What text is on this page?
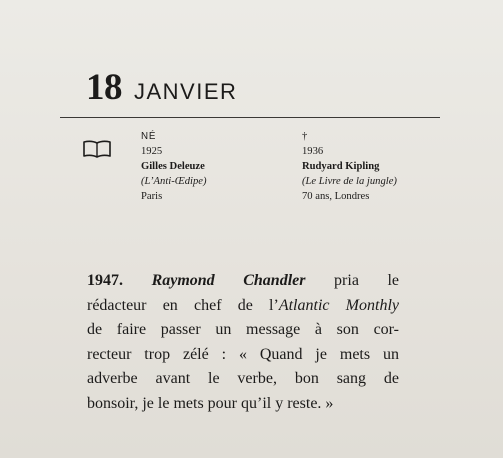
18 JANVIER
NÉ
1925
Gilles Deleuze
(L’Anti-Œdipe)
Paris
†
1936
Rudyard Kipling
(Le Livre de la jungle)
70 ans, Londres
1947. Raymond Chandler pria le
rédacteur en chef de l’Atlantic Monthly
de faire passer un message à son cor-
recteur trop zélé : « Quand je mets un
adverbe avant le verbe, bon sang de
bonsoir, je le mets pour qu’il y reste. »
